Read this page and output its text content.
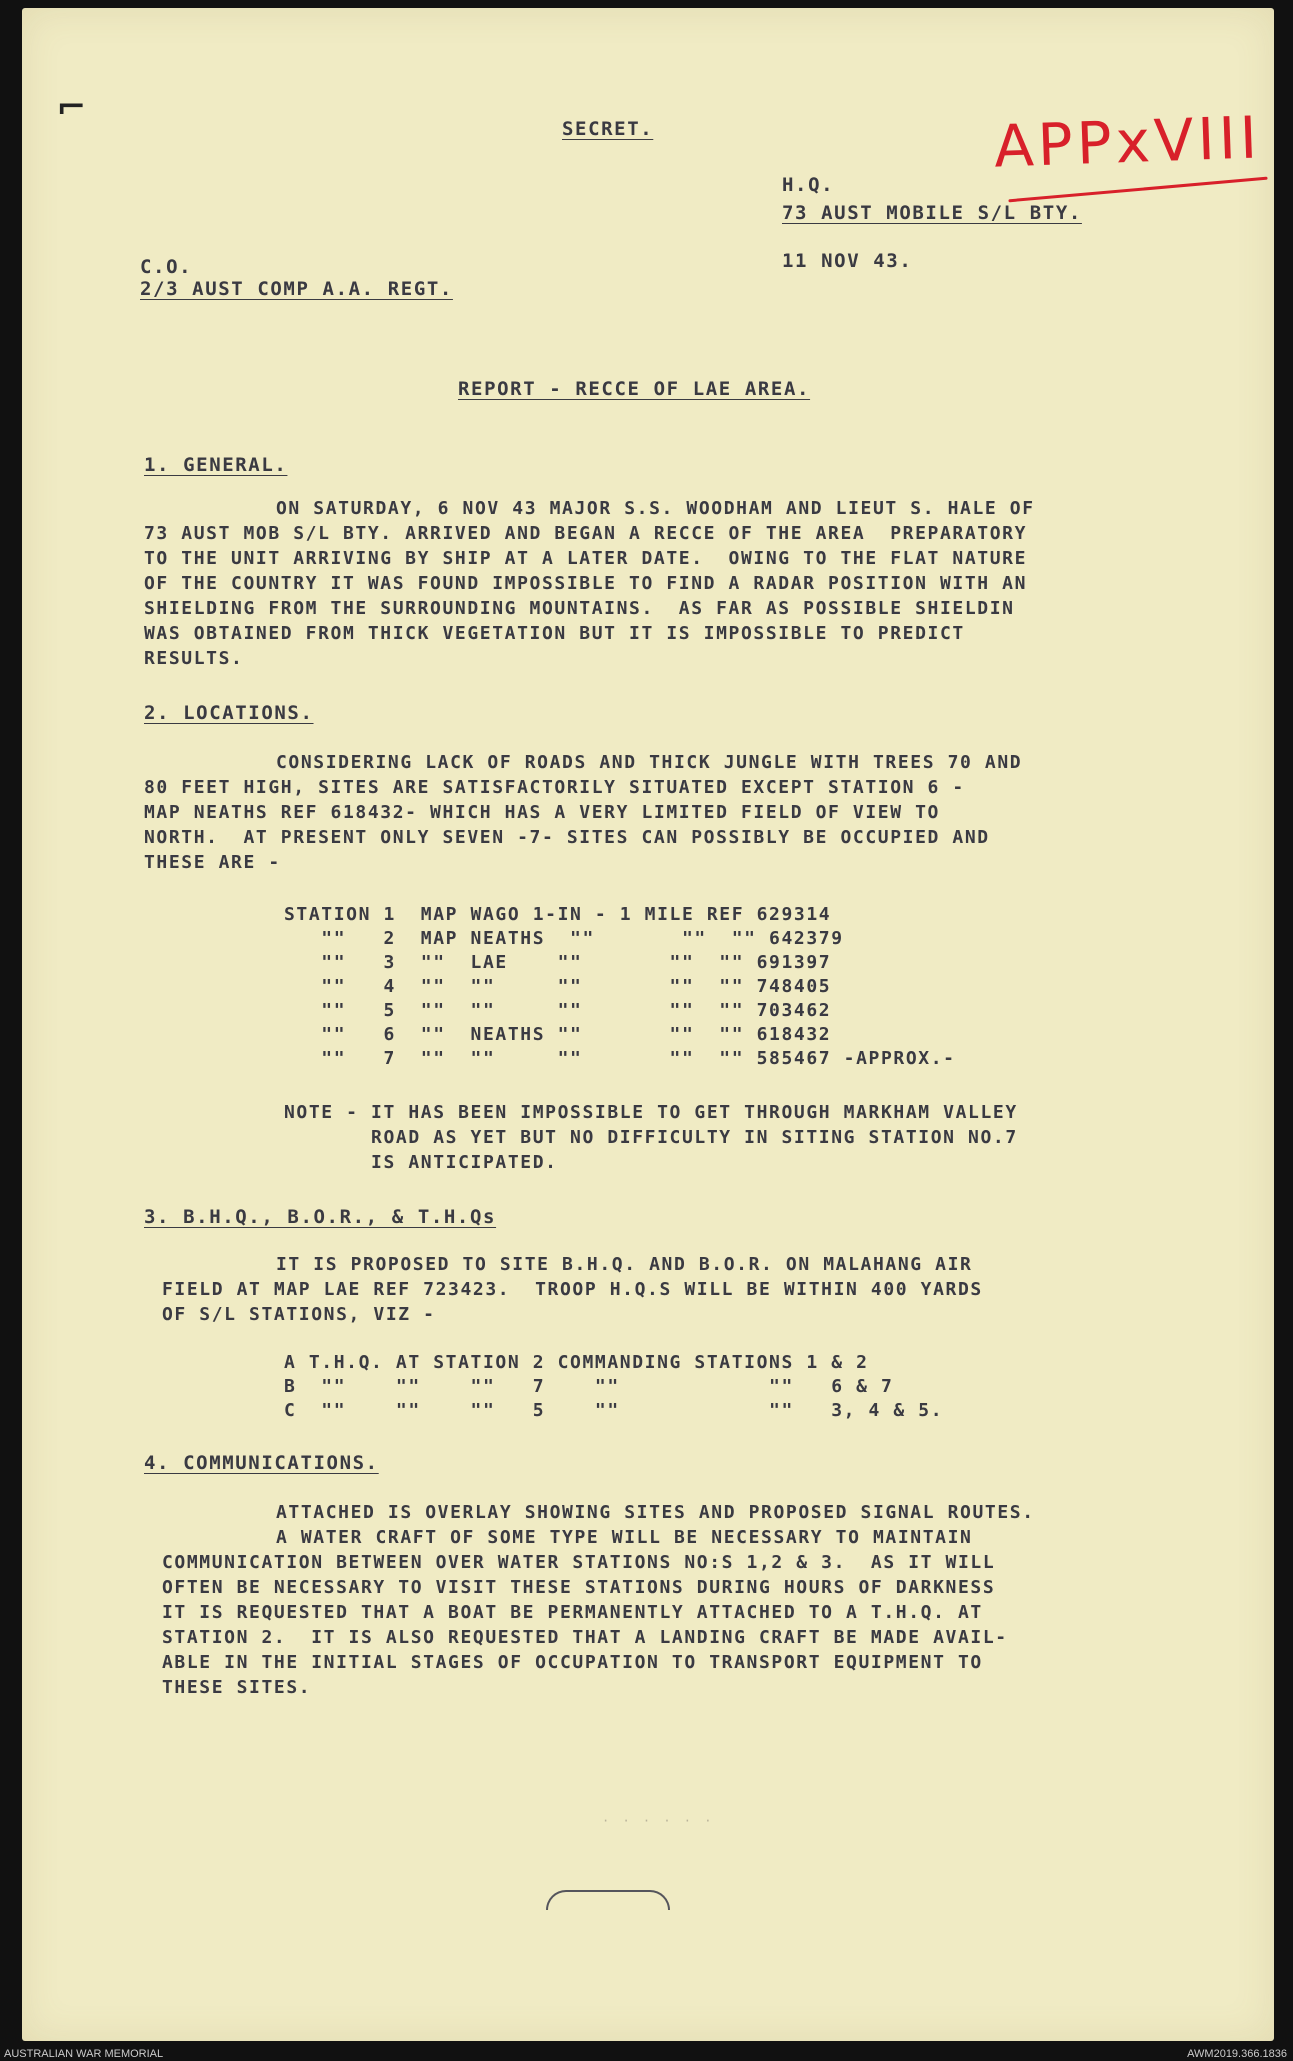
⌐	SECRET.	APPxVIII
H.Q.
73 AUST MOBILE S/L BTY.
11 NOV 43.
C.O.
2/3 AUST COMP A.A. REGT.
REPORT - RECCE OF LAE AREA.
1. GENERAL.
ON SATURDAY, 6 NOV 43 MAJOR S.S. WOODHAM AND LIEUT S. HALE OF
73 AUST MOB S/L BTY. ARRIVED AND BEGAN A RECCE OF THE AREA  PREPARATORY
TO THE UNIT ARRIVING BY SHIP AT A LATER DATE.  OWING TO THE FLAT NATURE
OF THE COUNTRY IT WAS FOUND IMPOSSIBLE TO FIND A RADAR POSITION WITH AN
SHIELDING FROM THE SURROUNDING MOUNTAINS.  AS FAR AS POSSIBLE SHIELDIN
WAS OBTAINED FROM THICK VEGETATION BUT IT IS IMPOSSIBLE TO PREDICT
RESULTS.
2. LOCATIONS.
CONSIDERING LACK OF ROADS AND THICK JUNGLE WITH TREES 70 AND
80 FEET HIGH, SITES ARE SATISFACTORILY SITUATED EXCEPT STATION 6 -
MAP NEATHS REF 618432- WHICH HAS A VERY LIMITED FIELD OF VIEW TO
NORTH.  AT PRESENT ONLY SEVEN -7- SITES CAN POSSIBLY BE OCCUPIED AND
THESE ARE -
STATION 1  MAP WAGO 1-IN - 1 MILE REF 629314
""   2  MAP NEATHS  ""       ""  "" 642379
""   3  ""  LAE    ""       ""  "" 691397
""   4  ""  ""     ""       ""  "" 748405
""   5  ""  ""     ""       ""  "" 703462
""   6  ""  NEATHS ""       ""  "" 618432
""   7  ""  ""     ""       ""  "" 585467 -APPROX.-
NOTE - IT HAS BEEN IMPOSSIBLE TO GET THROUGH MARKHAM VALLEY
ROAD AS YET BUT NO DIFFICULTY IN SITING STATION NO.7
IS ANTICIPATED.
3. B.H.Q., B.O.R., & T.H.Qs
IT IS PROPOSED TO SITE B.H.Q. AND B.O.R. ON MALAHANG AIR
FIELD AT MAP LAE REF 723423.  TROOP H.Q.S WILL BE WITHIN 400 YARDS
OF S/L STATIONS, VIZ -
A T.H.Q. AT STATION 2 COMMANDING STATIONS 1 & 2
B  ""    ""    ""   7    ""            ""   6 & 7
C  ""    ""    ""   5    ""            ""   3, 4 & 5.
4. COMMUNICATIONS.
ATTACHED IS OVERLAY SHOWING SITES AND PROPOSED SIGNAL ROUTES.
A WATER CRAFT OF SOME TYPE WILL BE NECESSARY TO MAINTAIN
COMMUNICATION BETWEEN OVER WATER STATIONS NO:S 1,2 & 3.  AS IT WILL
OFTEN BE NECESSARY TO VISIT THESE STATIONS DURING HOURS OF DARKNESS
IT IS REQUESTED THAT A BOAT BE PERMANENTLY ATTACHED TO A T.H.Q. AT
STATION 2.  IT IS ALSO REQUESTED THAT A LANDING CRAFT BE MADE AVAIL-
ABLE IN THE INITIAL STAGES OF OCCUPATION TO TRANSPORT EQUIPMENT TO
THESE SITES.
· · · · · ·
AUSTRALIAN WAR MEMORIAL	AWM2019.366.1836
